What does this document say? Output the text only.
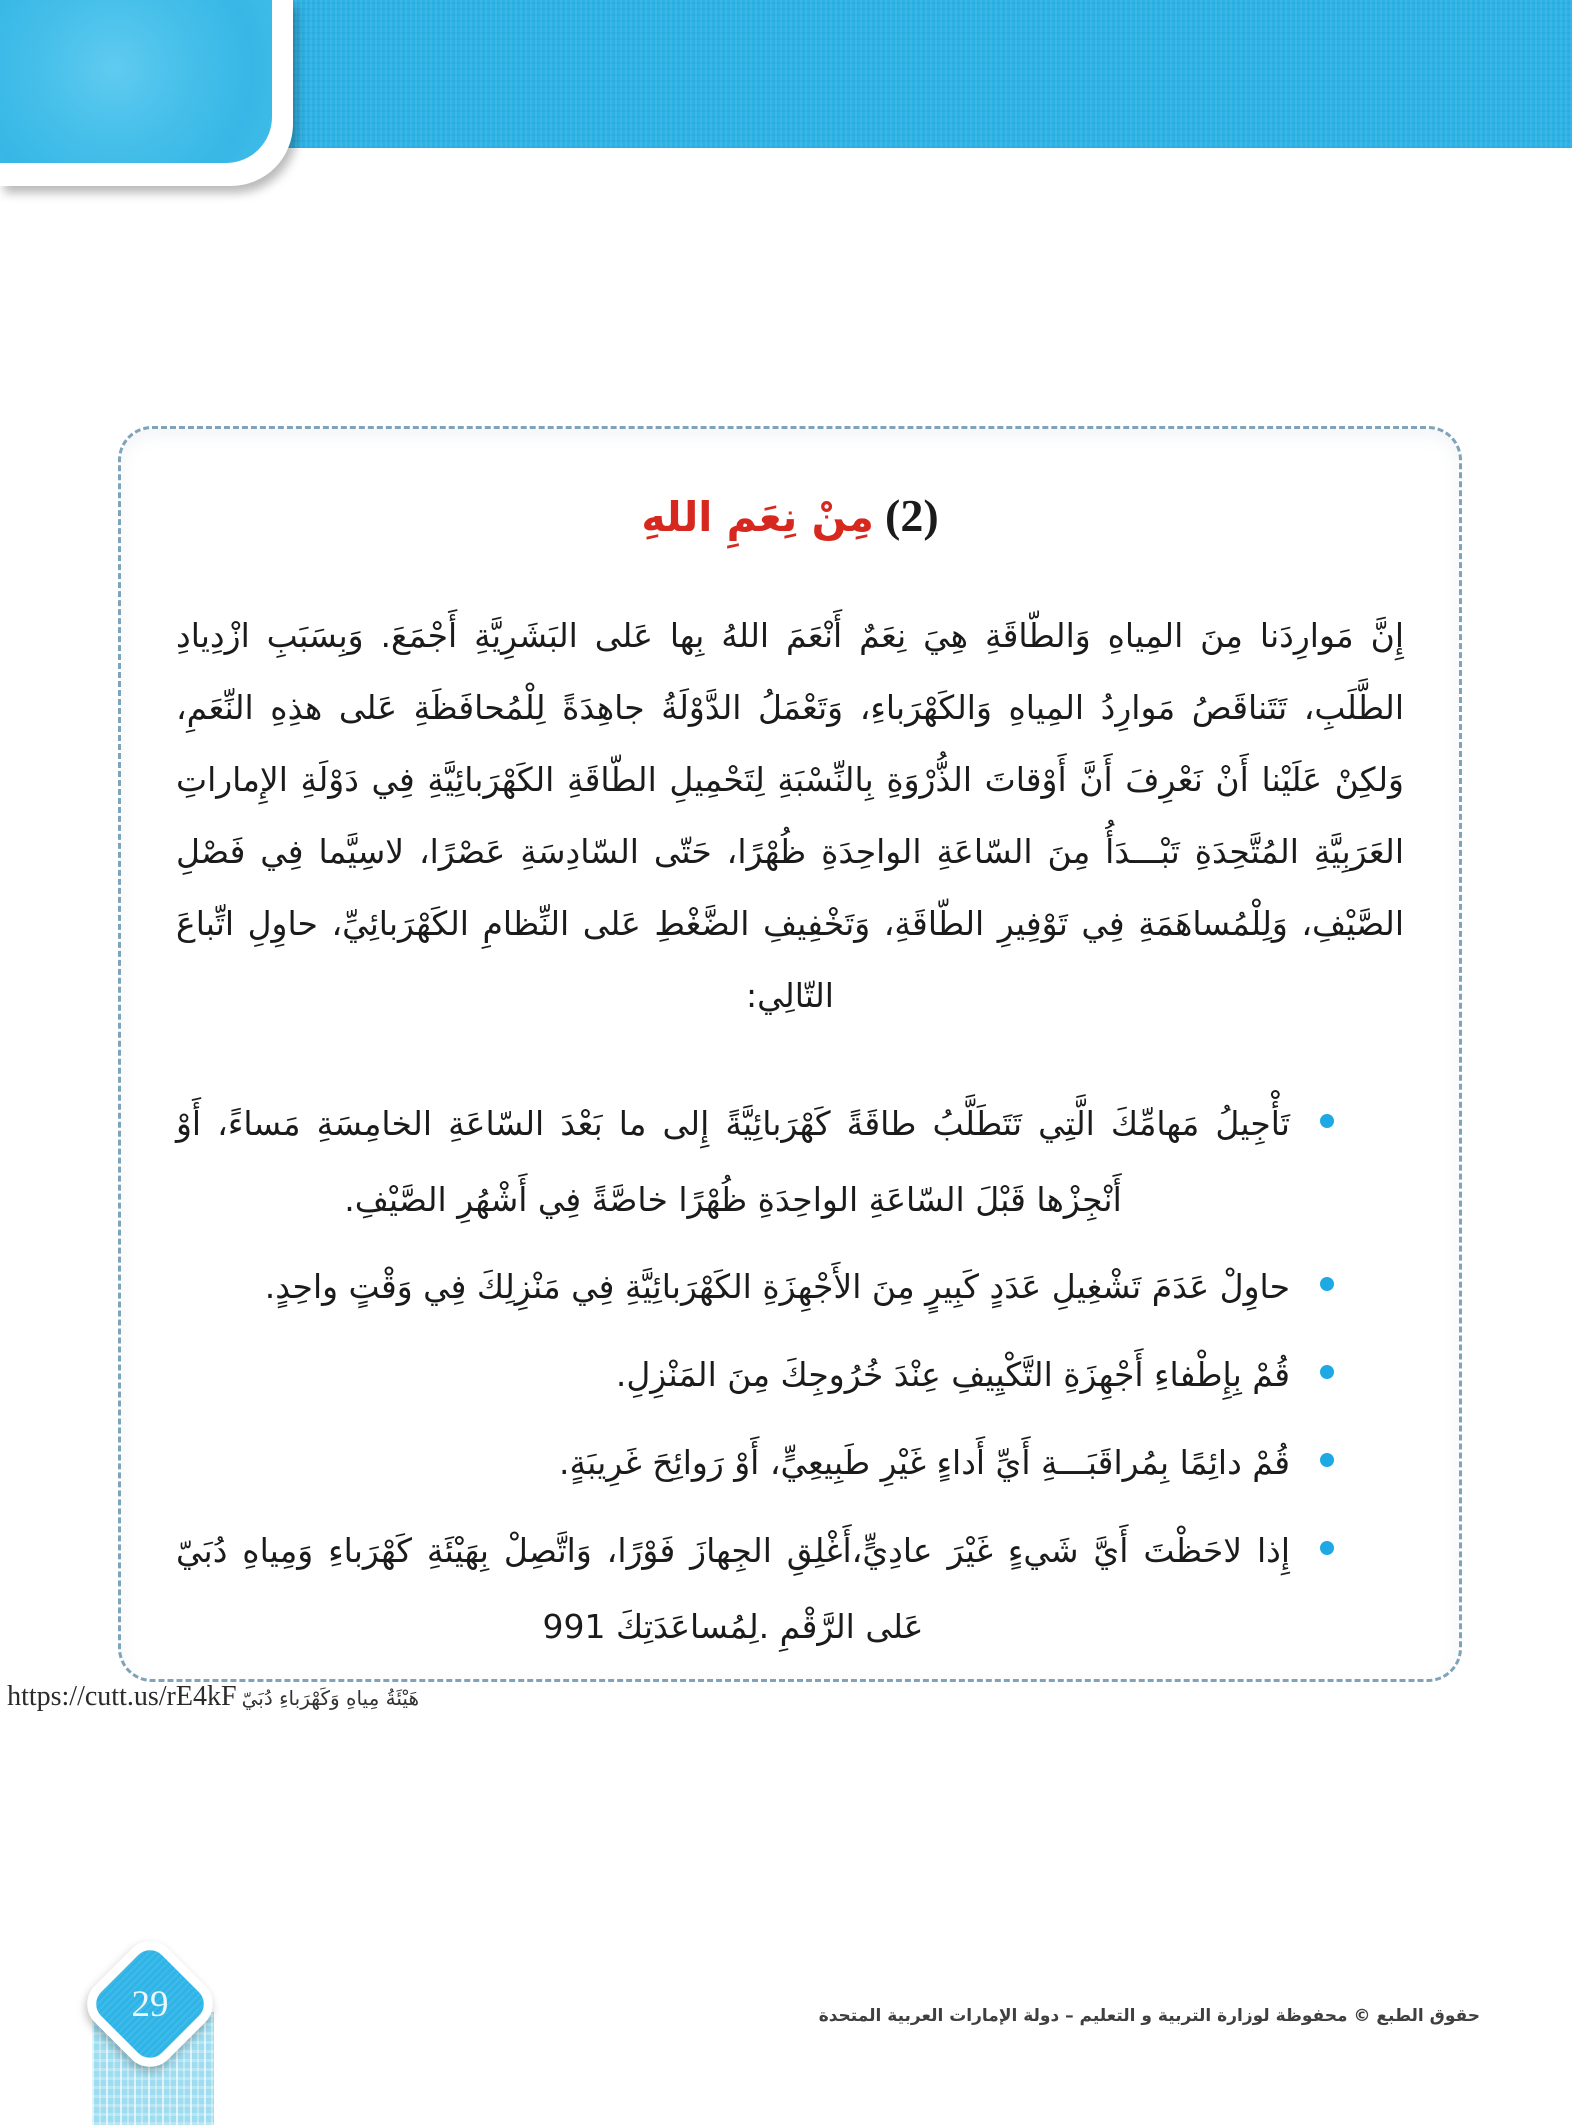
(2) مِنْ نِعَمِ اللهِ

إِنَّ مَوارِدَنا مِنَ المِياهِ وَالطّاقَةِ هِيَ نِعَمٌ أَنْعَمَ اللهُ بِها عَلى البَشَرِيَّةِ أَجْمَعَ. وَبِسَبَبِ ازْدِيادِ الطَّلَبِ، تَتَناقَصُ مَوارِدُ المِياهِ وَالكَهْرَباءِ، وَتَعْمَلُ الدَّوْلَةُ جاهِدَةً لِلْمُحافَظَةِ عَلى هذِهِ النِّعَمِ، وَلكِنْ عَلَيْنا أَنْ نَعْرِفَ أَنَّ أَوْقاتَ الذُّرْوَةِ بِالنِّسْبَةِ لِتَحْمِيلِ الطّاقَةِ الكَهْرَبائِيَّةِ فِي دَوْلَةِ الإِماراتِ العَرَبِيَّةِ المُتَّحِدَةِ تَبْـــدَأُ مِنَ السّاعَةِ الواحِدَةِ ظُهْرًا، حَتّى السّادِسَةِ عَصْرًا، لاسِيَّما فِي فَصْلِ الصَّيْفِ، وَلِلْمُساهَمَةِ فِي تَوْفِيرِ الطّاقَةِ، وَتَخْفِيفِ الضَّغْطِ عَلى النِّظامِ الكَهْرَبائِيِّ، حاوِلِ اتِّباعَ التّالِي:

تَأْجِيلُ مَهامِّكَ الَّتِي تَتَطَلَّبُ طاقَةً كَهْرَبائِيَّةً إِلى ما بَعْدَ السّاعَةِ الخامِسَةِ مَساءً، أَوْ أَنْجِزْها قَبْلَ السّاعَةِ الواحِدَةِ ظُهْرًا خاصَّةً فِي أَشْهُرِ الصَّيْفِ.
حاوِلْ عَدَمَ تَشْغِيلِ عَدَدٍ كَبِيرٍ مِنَ الأَجْهِزَةِ الكَهْرَبائِيَّةِ فِي مَنْزِلِكَ فِي وَقْتٍ واحِدٍ.
قُمْ بِإِطْفاءِ أَجْهِزَةِ التَّكْيِيفِ عِنْدَ خُرُوجِكَ مِنَ المَنْزِلِ.
قُمْ دائِمًا بِمُراقَبَـــةِ أَيِّ أَداءٍ غَيْرِ طَبِيعِيٍّ، أَوْ رَوائِحَ غَرِيبَةٍ.
إِذا لاحَظْتَ أَيَّ شَيءٍ غَيْرَ عادِيٍّ،أَغْلِقِ الجِهازَ فَوْرًا، وَاتَّصِلْ بِهَيْئَةِ كَهْرَباءِ وَمِياهِ دُبَيّ عَلى الرَّقْمِ 991 لِمُساعَدَتِكَ.
هَيْئَةُ مِياهِ وَكَهْرَباءِ دُبَيّ https://cutt.us/rE4kF
29	حقوق الطبع © محفوظة لوزارة التربية و التعليم – دولة الإمارات العربية المتحدة
